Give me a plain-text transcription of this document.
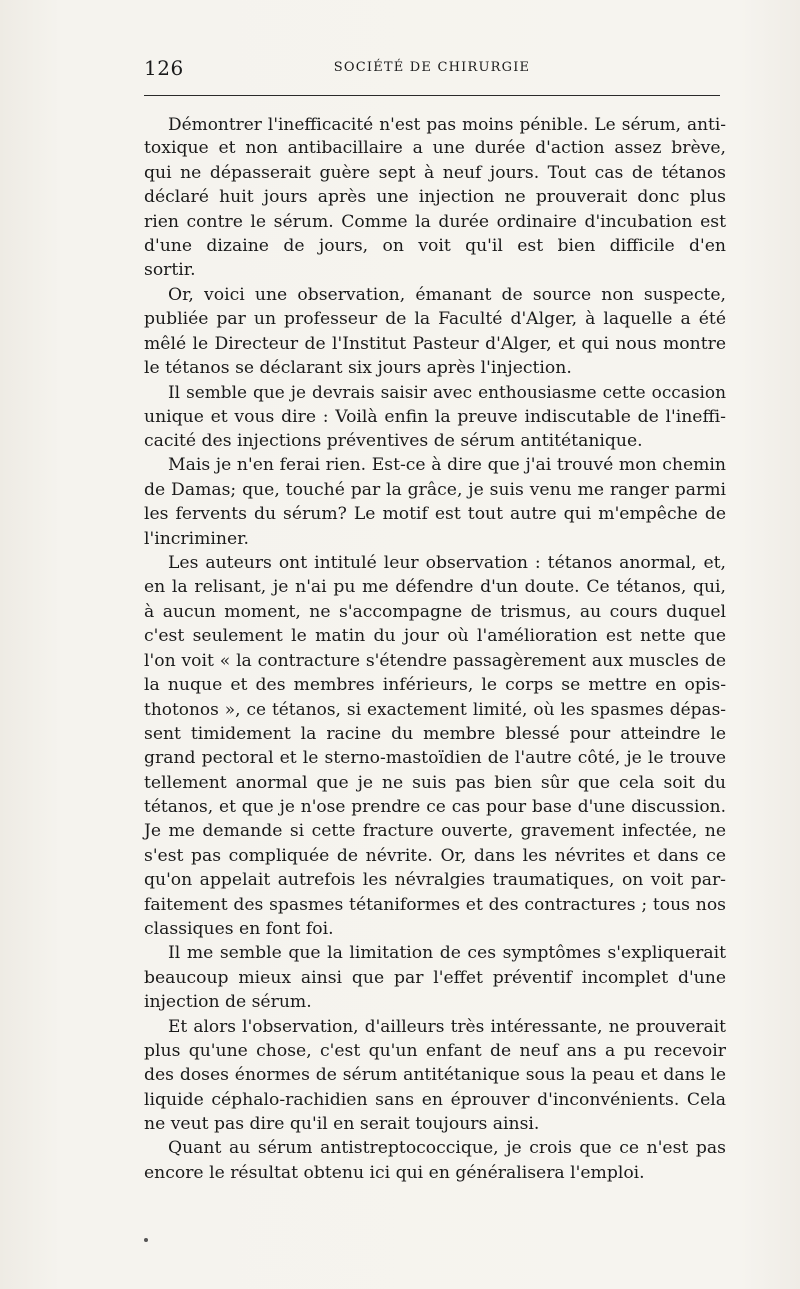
126	SOCIÉTÉ DE CHIRURGIE
Démontrer l'inefficacité n'est pas moins pénible. Le sérum, anti-
toxique et non antibacillaire a une durée d'action assez brève,
qui ne dépasserait guère sept à neuf jours. Tout cas de tétanos
déclaré huit jours après une injection ne prouverait donc plus
rien contre le sérum. Comme la durée ordinaire d'incubation est
d'une dizaine de jours, on voit qu'il est bien difficile d'en
sortir.
Or, voici une observation, émanant de source non suspecte,
publiée par un professeur de la Faculté d'Alger, à laquelle a été
mêlé le Directeur de l'Institut Pasteur d'Alger, et qui nous montre
le tétanos se déclarant six jours après l'injection.
Il semble que je devrais saisir avec enthousiasme cette occasion
unique et vous dire : Voilà enfin la preuve indiscutable de l'ineffi-
cacité des injections préventives de sérum antitétanique.
Mais je n'en ferai rien. Est-ce à dire que j'ai trouvé mon chemin
de Damas; que, touché par la grâce, je suis venu me ranger parmi
les fervents du sérum? Le motif est tout autre qui m'empêche de
l'incriminer.
Les auteurs ont intitulé leur observation : tétanos anormal, et,
en la relisant, je n'ai pu me défendre d'un doute. Ce tétanos, qui,
à aucun moment, ne s'accompagne de trismus, au cours duquel
c'est seulement le matin du jour où l'amélioration est nette que
l'on voit « la contracture s'étendre passagèrement aux muscles de
la nuque et des membres inférieurs, le corps se mettre en opis-
thotonos », ce tétanos, si exactement limité, où les spasmes dépas-
sent timidement la racine du membre blessé pour atteindre le
grand pectoral et le sterno-mastoïdien de l'autre côté, je le trouve
tellement anormal que je ne suis pas bien sûr que cela soit du
tétanos, et que je n'ose prendre ce cas pour base d'une discussion.
Je me demande si cette fracture ouverte, gravement infectée, ne
s'est pas compliquée de névrite. Or, dans les névrites et dans ce
qu'on appelait autrefois les névralgies traumatiques, on voit par-
faitement des spasmes tétaniformes et des contractures ; tous nos
classiques en font foi.
Il me semble que la limitation de ces symptômes s'expliquerait
beaucoup mieux ainsi que par l'effet préventif incomplet d'une
injection de sérum.
Et alors l'observation, d'ailleurs très intéressante, ne prouverait
plus qu'une chose, c'est qu'un enfant de neuf ans a pu recevoir
des doses énormes de sérum antitétanique sous la peau et dans le
liquide céphalo-rachidien sans en éprouver d'inconvénients. Cela
ne veut pas dire qu'il en serait toujours ainsi.
Quant au sérum antistreptococcique, je crois que ce n'est pas
encore le résultat obtenu ici qui en généralisera l'emploi.
